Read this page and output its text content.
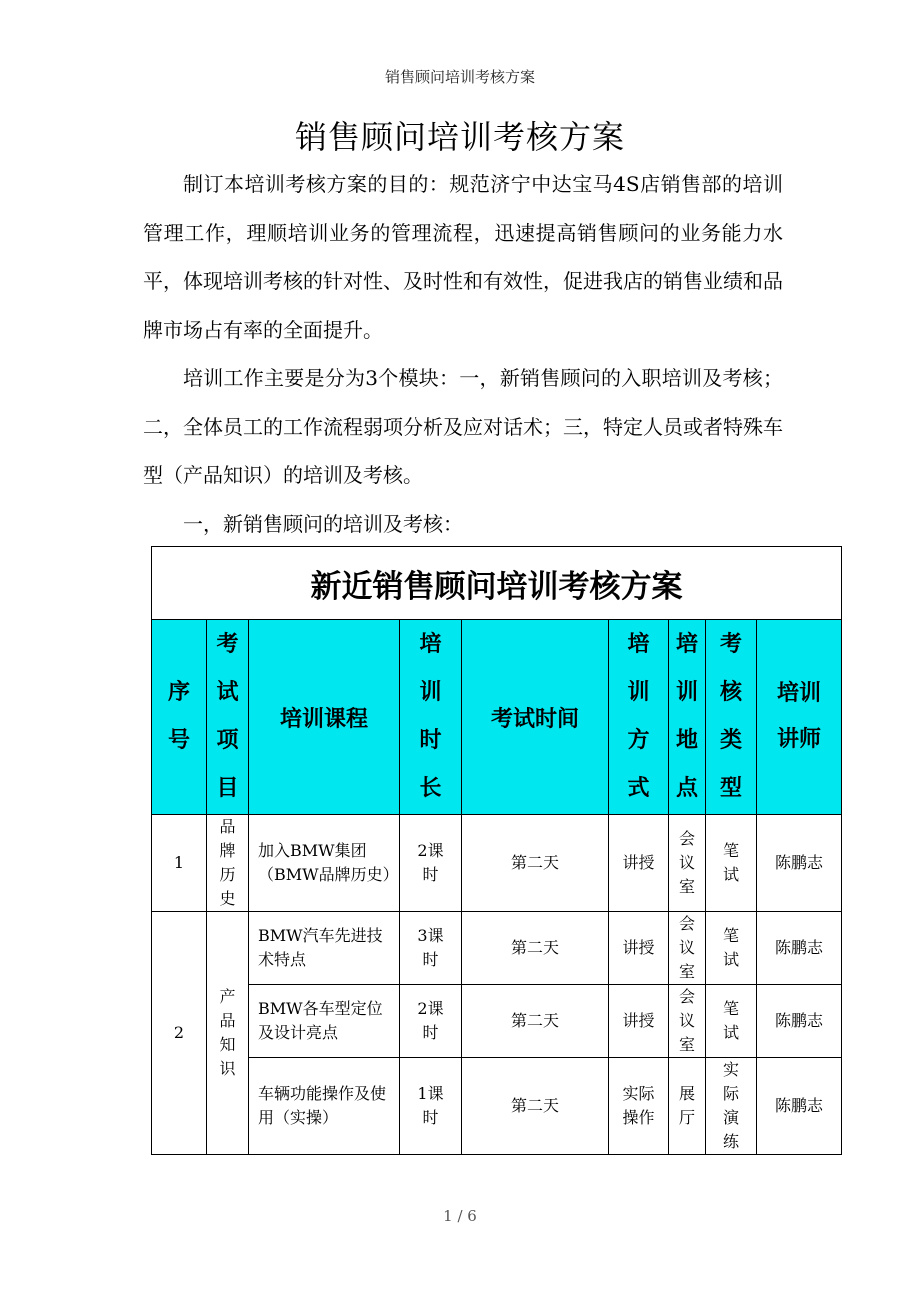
销售顾问培训考核方案
销售顾问培训考核方案

制订本培训考核方案的目的：规范济宁中达宝马4S店销售部的培训管理工作，理顺培训业务的管理流程，迅速提高销售顾问的业务能力水平，体现培训考核的针对性、及时性和有效性，促进我店的销售业绩和品牌市场占有率的全面提升。

培训工作主要是分为3个模块：一，新销售顾问的入职培训及考核；二，全体员工的工作流程弱项分析及应对话术；三，特定人员或者特殊车型（产品知识）的培训及考核。

一，新销售顾问的培训及考核：

新近销售顾问培训考核方案								
序号	考试项目	培训课程	培训时长	考试时间	培训方式	培训地点	考核类型	培训讲师
1	品牌历史	加入BMW集团（BMW品牌历史）	2课时	第二天	讲授	会议室	笔试	陈鹏志
2	产品知识	BMW汽车先进技术特点	3课时	第二天	讲授	会议室	笔试	陈鹏志
		BMW各车型定位及设计亮点	2课时	第二天	讲授	会议室	笔试	陈鹏志
		车辆功能操作及使用（实操）	1课时	第二天	实际操作	展厅	实际演练	陈鹏志
1 / 6
